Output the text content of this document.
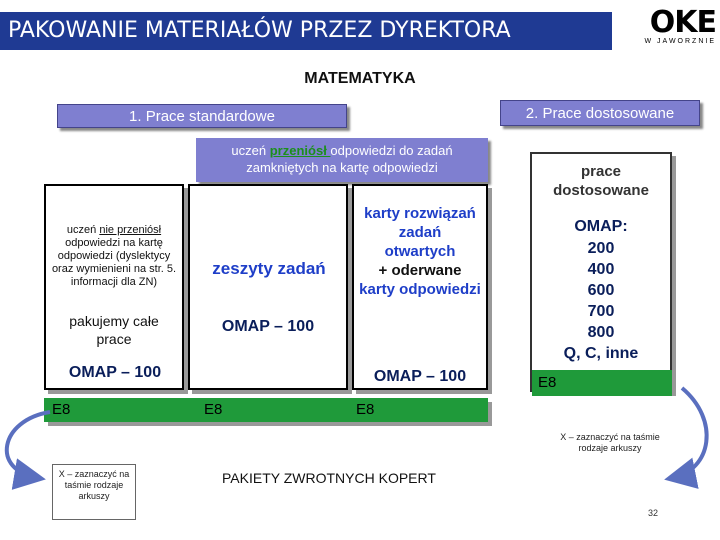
PAKOWANIE MATERIAŁÓW PRZEZ DYREKTORA	OKE
W JAWORZNIE
MATEMATYKA
1. Prace standardowe	2. Prace dostosowane
uczeń przeniósł odpowiedzi do zadań zamkniętych na kartę odpowiedzi
uczeń nie przeniósł odpowiedzi na kartę odpowiedzi (dyslektycy oraz wymienieni na str. 5. informacji dla ZN)
pakujemy całe prace
OMAP – 100
zeszyty zadań
OMAP – 100
karty rozwiązań zadań
otwartych
+ oderwane
karty odpowiedzi
OMAP – 100
E8	E8	E8
prace dostosowane
OMAP:
200
400
600
700
800
Q, C, inne
E8
X – zaznaczyć na taśmie rodzaje arkuszy
X – zaznaczyć na taśmie rodzaje arkuszy
PAKIETY ZWROTNYCH KOPERT
32
